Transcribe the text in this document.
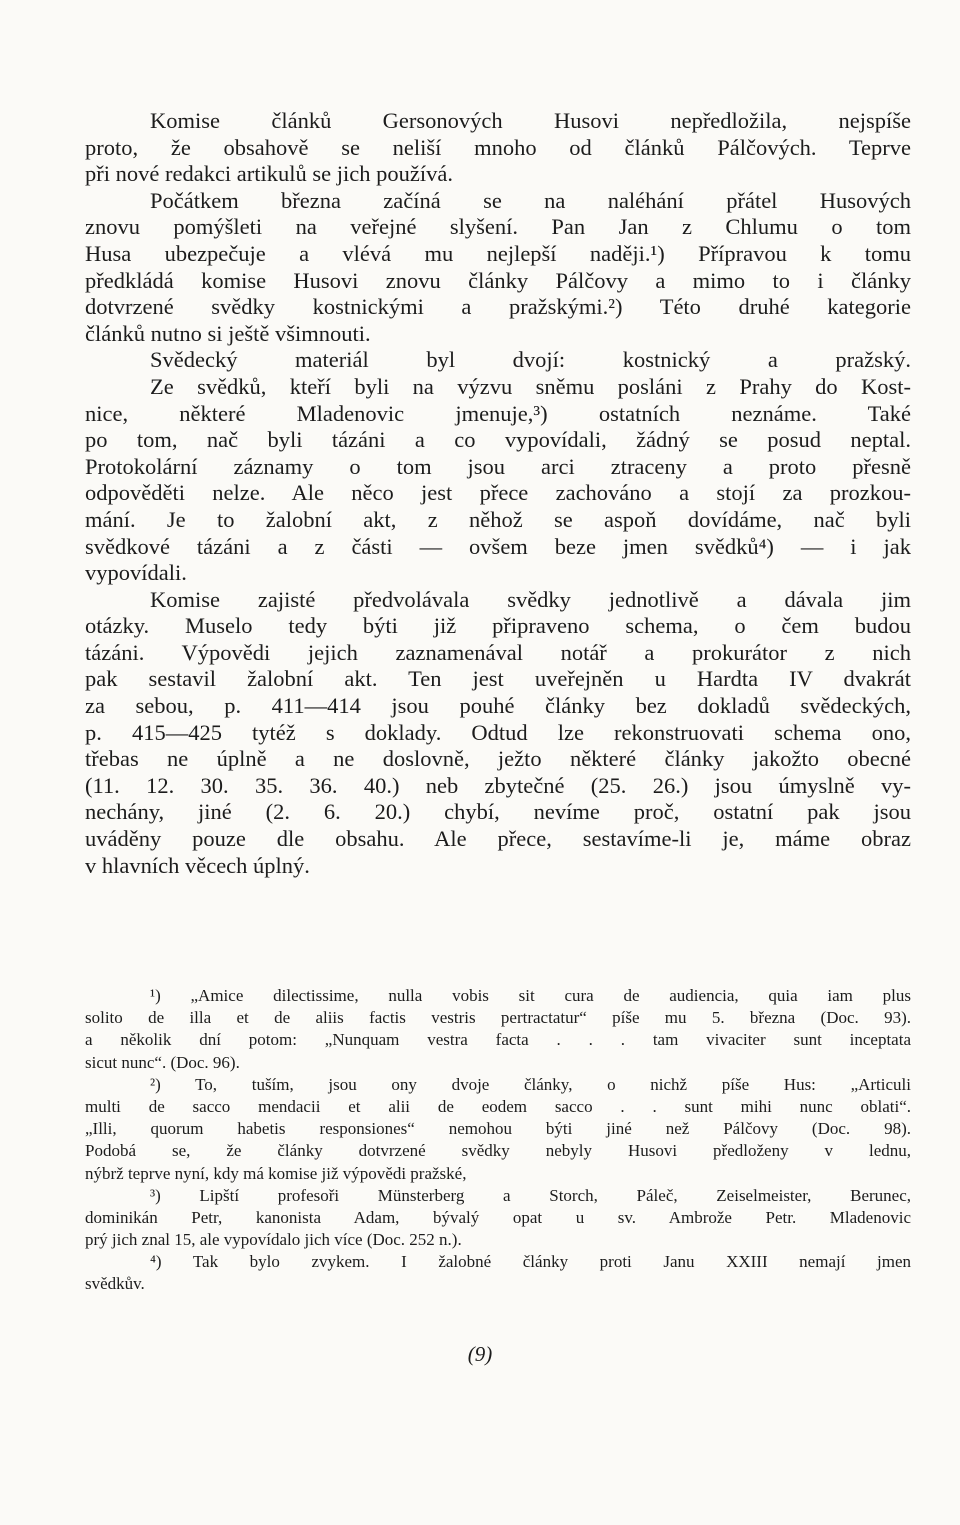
Komise článků Gersonových Husovi nepředložila, nejspíše
proto, že obsahově se neliší mnoho od článků Pálčových. Teprve
při nové redakci artikulů se jich používá.
Počátkem března začíná se na naléhání přátel Husových
znovu pomýšleti na veřejné slyšení. Pan Jan z Chlumu o tom
Husa ubezpečuje a vlévá mu nejlepší naději.¹) Přípravou k tomu
předkládá komise Husovi znovu články Pálčovy a mimo to i články
dotvrzené svědky kostnickými a pražskými.²) Této druhé kategorie
článků nutno si ještě všimnouti.
Svědecký materiál byl dvojí: kostnický a pražský.
Ze svědků, kteří byli na výzvu sněmu posláni z Prahy do Kost-
nice, některé Mladenovic jmenuje,³) ostatních neznáme. Také
po tom, nač byli tázáni a co vypovídali, žádný se posud neptal.
Protokolární záznamy o tom jsou arci ztraceny a proto přesně
odpověděti nelze. Ale něco jest přece zachováno a stojí za prozkou-
mání. Je to žalobní akt, z něhož se aspoň dovídáme, nač byli
svědkové tázáni a z části — ovšem beze jmen svědků⁴) — i jak
vypovídali.
Komise zajisté předvolávala svědky jednotlivě a dávala jim
otázky. Muselo tedy býti již připraveno schema, o čem budou
tázáni. Výpovědi jejich zaznamenával notář a prokurátor z nich
pak sestavil žalobní akt. Ten jest uveřejněn u Hardta IV dvakrát
za sebou, p. 411—414 jsou pouhé články bez dokladů svědeckých,
p. 415—425 tytéž s doklady. Odtud lze rekonstruovati schema ono,
třebas ne úplně a ne doslovně, ježto některé články jakožto obecné
(11. 12. 30. 35. 36. 40.) neb zbytečné (25. 26.) jsou úmyslně vy-
nechány, jiné (2. 6. 20.) chybí, nevíme proč, ostatní pak jsou
uváděny pouze dle obsahu. Ale přece, sestavíme-li je, máme obraz
v hlavních věcech úplný.
¹) „Amice dilectissime, nulla vobis sit cura de audiencia, quia iam plus
solito de illa et de aliis factis vestris pertractatur“ píše mu 5. března (Doc. 93).
a několik dní potom: „Nunquam vestra facta . . . tam vivaciter sunt inceptata
sicut nunc“. (Doc. 96).
²) To, tuším, jsou ony dvoje články, o nichž píše Hus: „Articuli
multi de sacco mendacii et alii de eodem sacco . . sunt mihi nunc oblati“.
„Illi, quorum habetis responsiones“ nemohou býti jiné než Pálčovy (Doc. 98).
Podobá se, že články dotvrzené svědky nebyly Husovi předloženy v lednu,
nýbrž teprve nyní, kdy má komise již výpovědi pražské,
³) Lipští profesoři Münsterberg a Storch, Páleč, Zeiselmeister, Berunec,
dominikán Petr, kanonista Adam, bývalý opat u sv. Ambrože Petr. Mladenovic
prý jich znal 15, ale vypovídalo jich více (Doc. 252 n.).
⁴) Tak bylo zvykem. I žalobné články proti Janu XXIII nemají jmen
svědkův.
(9)
